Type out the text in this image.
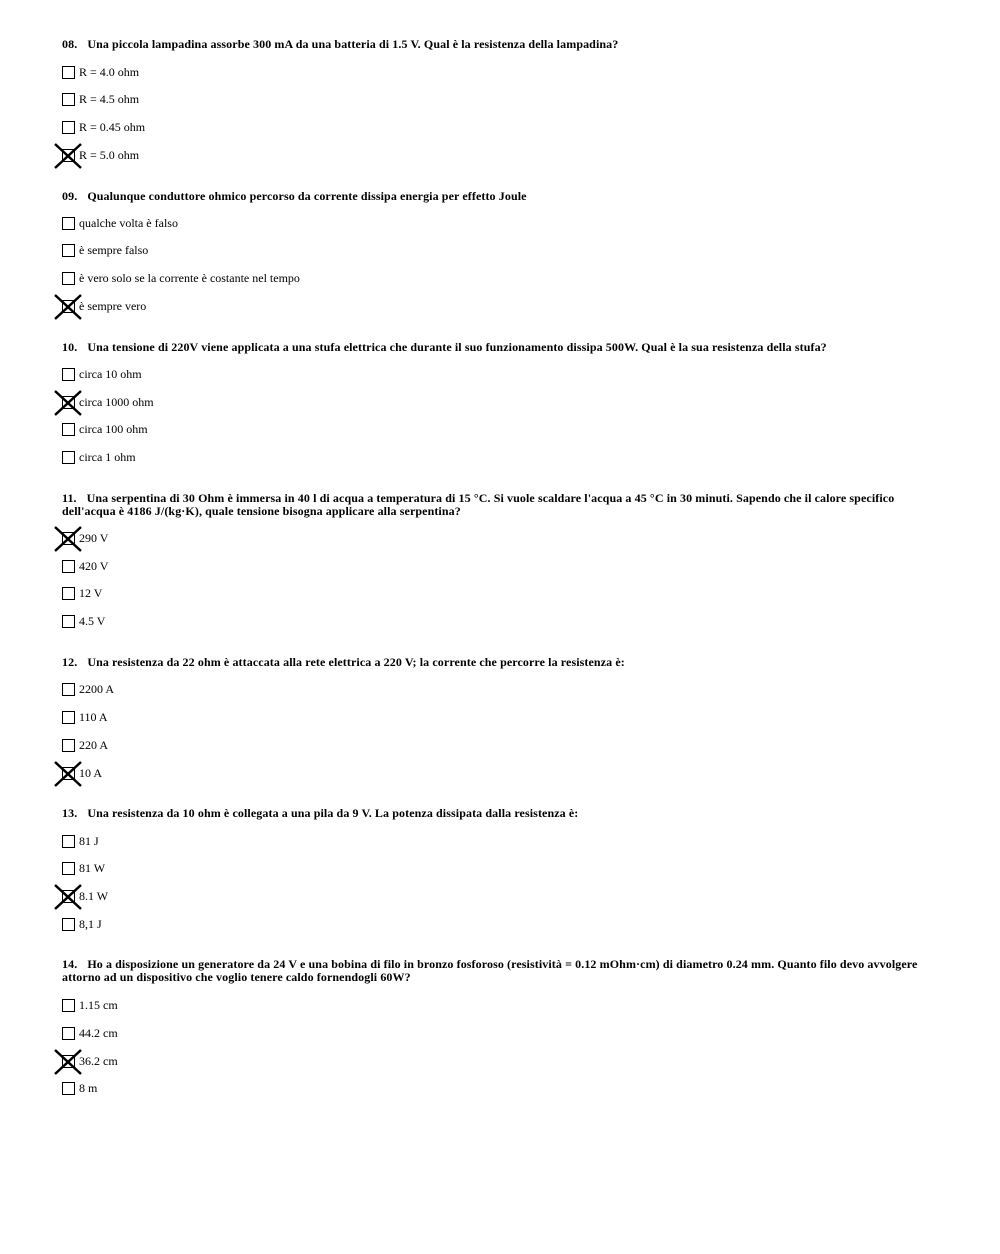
08. Una piccola lampadina assorbe 300 mA da una batteria di 1.5 V. Qual è la resistenza della lampadina?

R = 4.0 ohm
R = 4.5 ohm
R = 0.45 ohm
R = 5.0 ohm

09. Qualunque conduttore ohmico percorso da corrente dissipa energia per effetto Joule

qualche volta è falso
è sempre falso
è vero solo se la corrente è costante nel tempo
è sempre vero

10. Una tensione di 220V viene applicata a una stufa elettrica che durante il suo funzionamento dissipa 500W. Qual è la sua resistenza della stufa?

circa 10 ohm
circa 1000 ohm
circa 100 ohm
circa 1 ohm

11. Una serpentina di 30 Ohm è immersa in 40 l di acqua a temperatura di 15 °C. Si vuole scaldare l'acqua a 45 °C in 30 minuti. Sapendo che il calore specifico dell'acqua è 4186 J/(kg·K), quale tensione bisogna applicare alla serpentina?

290 V
420 V
12 V
4.5 V

12. Una resistenza da 22 ohm è attaccata alla rete elettrica a 220 V; la corrente che percorre la resistenza è:

2200 A
110 A
220 A
10 A

13. Una resistenza da 10 ohm è collegata a una pila da 9 V. La potenza dissipata dalla resistenza è:

81 J
81 W
8.1 W
8,1 J

14. Ho a disposizione un generatore da 24 V e una bobina di filo in bronzo fosforoso (resistività = 0.12 mOhm·cm) di diametro 0.24 mm. Quanto filo devo avvolgere attorno ad un dispositivo che voglio tenere caldo fornendogli 60W?

1.15 cm
44.2 cm
36.2 cm
8 m
